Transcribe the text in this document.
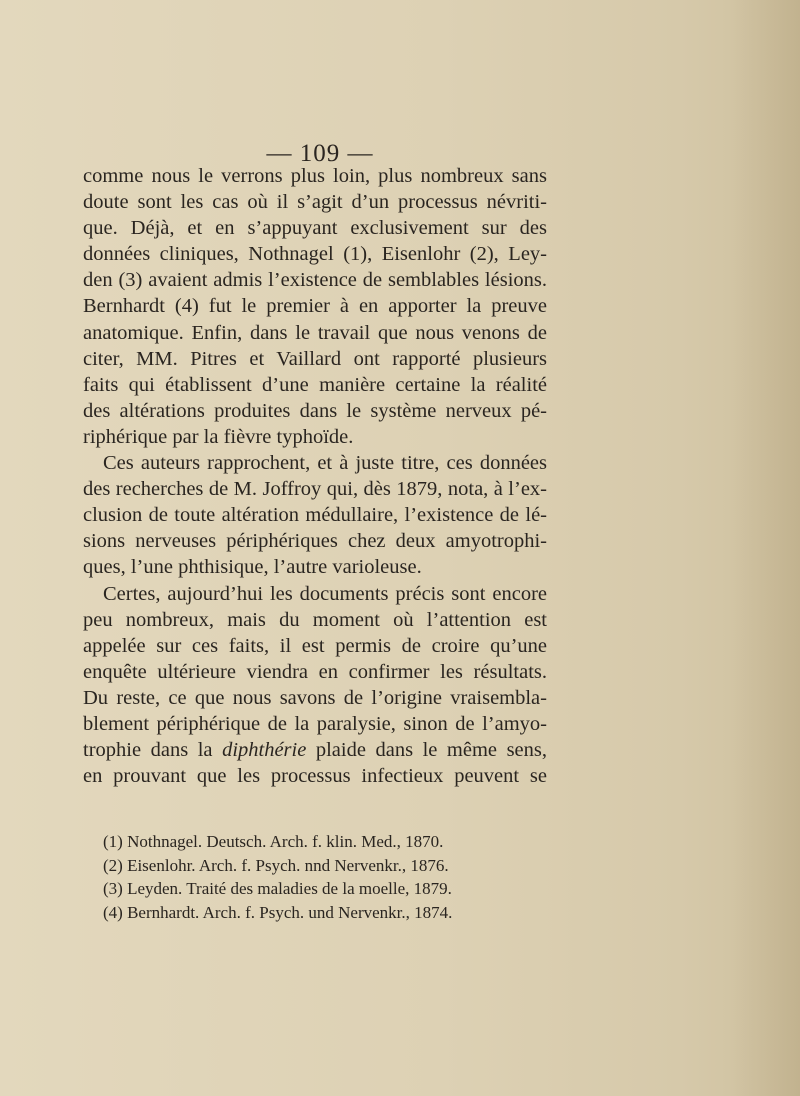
— 109 —
comme nous le verrons plus loin, plus nombreux sans
doute sont les cas où il s’agit d’un processus névriti-
que. Déjà, et en s’appuyant exclusivement sur des
données cliniques, Nothnagel (1), Eisenlohr (2), Ley-
den (3) avaient admis l’existence de semblables lésions.
Bernhardt (4) fut le premier à en apporter la preuve
anatomique. Enfin, dans le travail que nous venons de
citer, MM. Pitres et Vaillard ont rapporté plusieurs
faits qui établissent d’une manière certaine la réalité
des altérations produites dans le système nerveux pé-
riphérique par la fièvre typhoïde.
Ces auteurs rapprochent, et à juste titre, ces données
des recherches de M. Joffroy qui, dès 1879, nota, à l’ex-
clusion de toute altération médullaire, l’existence de lé-
sions nerveuses périphériques chez deux amyotrophi-
ques, l’une phthisique, l’autre varioleuse.
Certes, aujourd’hui les documents précis sont encore
peu nombreux, mais du moment où l’attention est
appelée sur ces faits, il est permis de croire qu’une
enquête ultérieure viendra en confirmer les résultats.
Du reste, ce que nous savons de l’origine vraisembla-
blement périphérique de la paralysie, sinon de l’amyo-
trophie dans la diphthérie plaide dans le même sens,
en prouvant que les processus infectieux peuvent se
(1) Nothnagel. Deutsch. Arch. f. klin. Med., 1870.
(2) Eisenlohr. Arch. f. Psych. nnd Nervenkr., 1876.
(3) Leyden. Traité des maladies de la moelle, 1879.
(4) Bernhardt. Arch. f. Psych. und Nervenkr., 1874.
